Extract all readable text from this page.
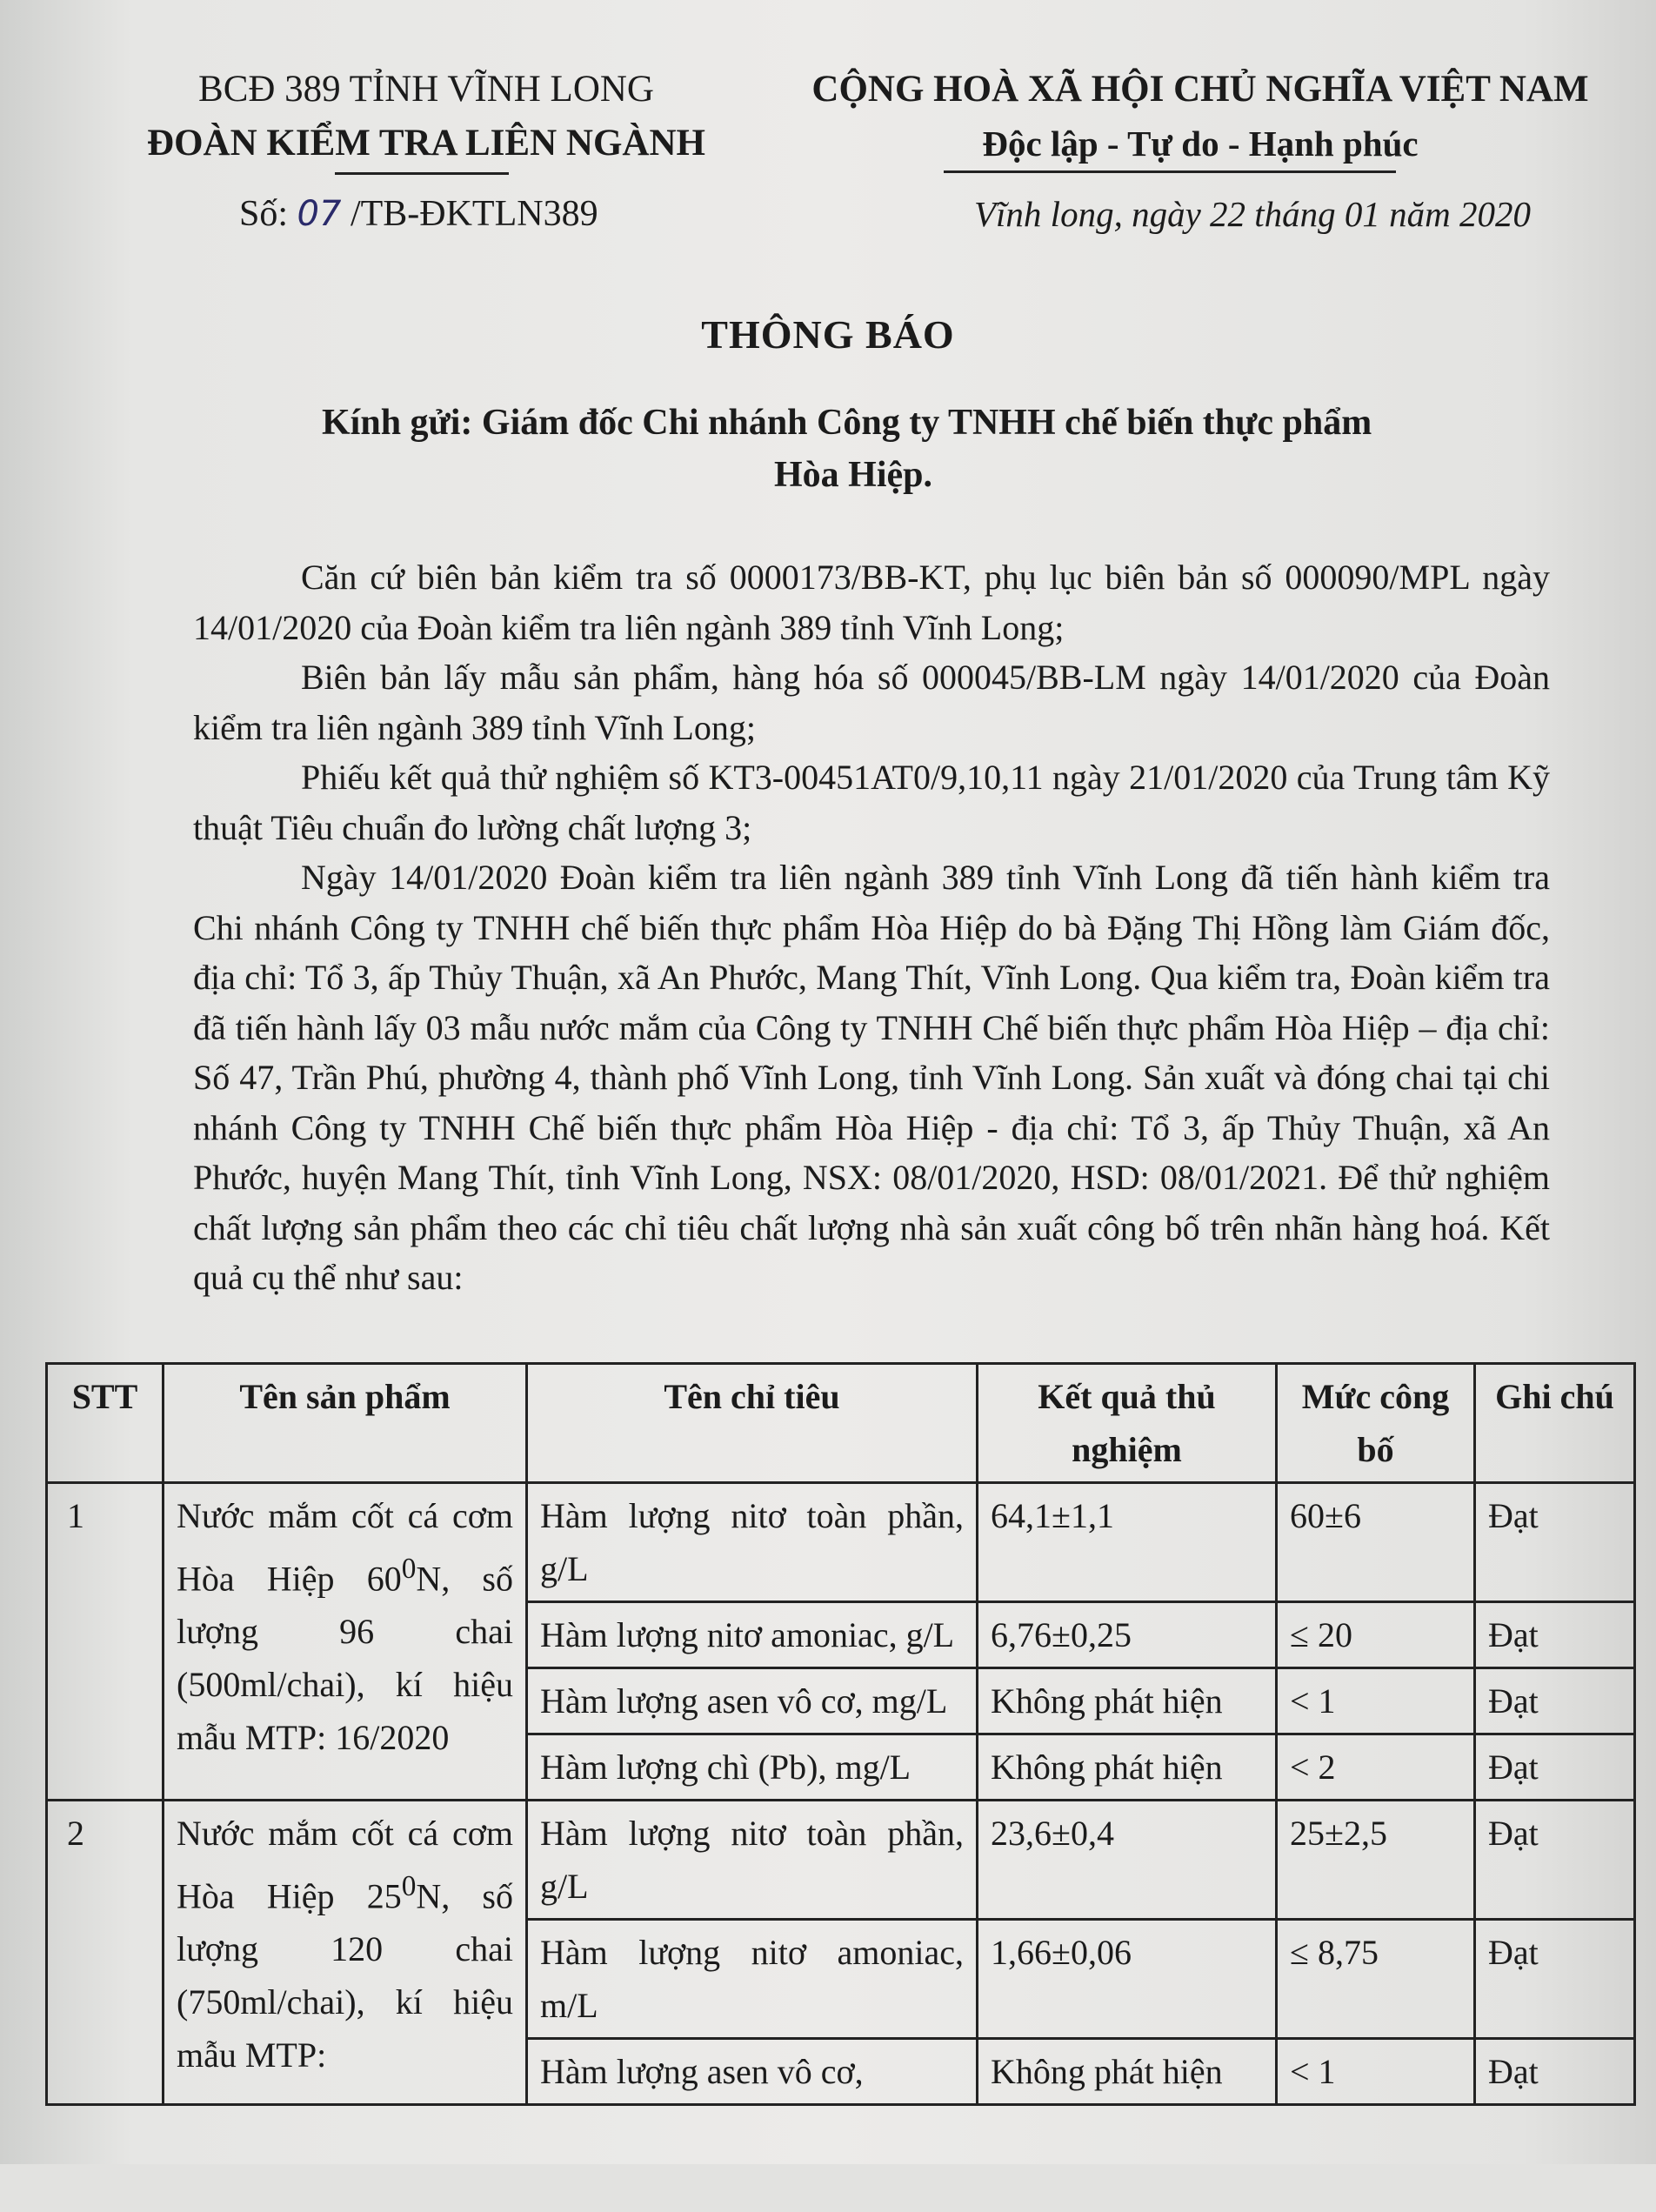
BCĐ 389 TỈNH VĨNH LONG
ĐOÀN KIỂM TRA LIÊN NGÀNH
CỘNG HOÀ XÃ HỘI CHỦ NGHĨA VIỆT NAM
Độc lập - Tự do - Hạnh phúc
Số: 07 /TB-ĐKTLN389	Vĩnh long, ngày 22 tháng 01 năm 2020
THÔNG BÁO
Kính gửi: Giám đốc Chi nhánh Công ty TNHH chế biến thực phẩm
Hòa Hiệp.

Căn cứ biên bản kiểm tra số 0000173/BB-KT, phụ lục biên bản số 000090/MPL ngày 14/01/2020 của Đoàn kiểm tra liên ngành 389 tỉnh Vĩnh Long;

Biên bản lấy mẫu sản phẩm, hàng hóa số 000045/BB-LM ngày 14/01/2020 của Đoàn kiểm tra liên ngành 389 tỉnh Vĩnh Long;

Phiếu kết quả thử nghiệm số KT3-00451AT0/9,10,11 ngày 21/01/2020 của Trung tâm Kỹ thuật Tiêu chuẩn đo lường chất lượng 3;

Ngày 14/01/2020 Đoàn kiểm tra liên ngành 389 tỉnh Vĩnh Long đã tiến hành kiểm tra Chi nhánh Công ty TNHH chế biến thực phẩm Hòa Hiệp do bà Đặng Thị Hồng làm Giám đốc, địa chỉ: Tổ 3, ấp Thủy Thuận, xã An Phước, Mang Thít, Vĩnh Long. Qua kiểm tra, Đoàn kiểm tra đã tiến hành lấy 03 mẫu nước mắm của Công ty TNHH Chế biến thực phẩm Hòa Hiệp – địa chỉ: Số 47, Trần Phú, phường 4, thành phố Vĩnh Long, tỉnh Vĩnh Long. Sản xuất và đóng chai tại chi nhánh Công ty TNHH Chế biến thực phẩm Hòa Hiệp - địa chỉ: Tổ 3, ấp Thủy Thuận, xã An Phước, huyện Mang Thít, tỉnh Vĩnh Long, NSX: 08/01/2020, HSD: 08/01/2021. Để thử nghiệm chất lượng sản phẩm theo các chỉ tiêu chất lượng nhà sản xuất công bố trên nhãn hàng hoá. Kết quả cụ thể như sau:

STT	Tên sản phẩm	Tên chỉ tiêu	Kết quả thủ nghiệm	Mức công bố	Ghi chú
1	Nước mắm cốt cá cơm Hòa Hiệp $60^0N$, số lượng 96 chai (500ml/chai), kí hiệu mẫu MTP: 16/2020	Hàm lượng nitơ toàn phần, g/L	64,1±1,1	60±6	Đạt
		Hàm lượng nitơ amoniac, g/L	6,76±0,25	≤ 20	Đạt
		Hàm lượng asen vô cơ, mg/L	Không phát hiện	< 1	Đạt
		Hàm lượng chì (Pb), mg/L	Không phát hiện	< 2	Đạt
2	Nước mắm cốt cá cơm Hòa Hiệp $25^0N$, số lượng 120 chai (750ml/chai), kí hiệu mẫu MTP:	Hàm lượng nitơ toàn phần, g/L	23,6±0,4	25±2,5	Đạt
		Hàm lượng nitơ amoniac, m/L	1,66±0,06	≤ 8,75	Đạt
		Hàm lượng asen vô cơ,	Không phát hiện	< 1	Đạt
